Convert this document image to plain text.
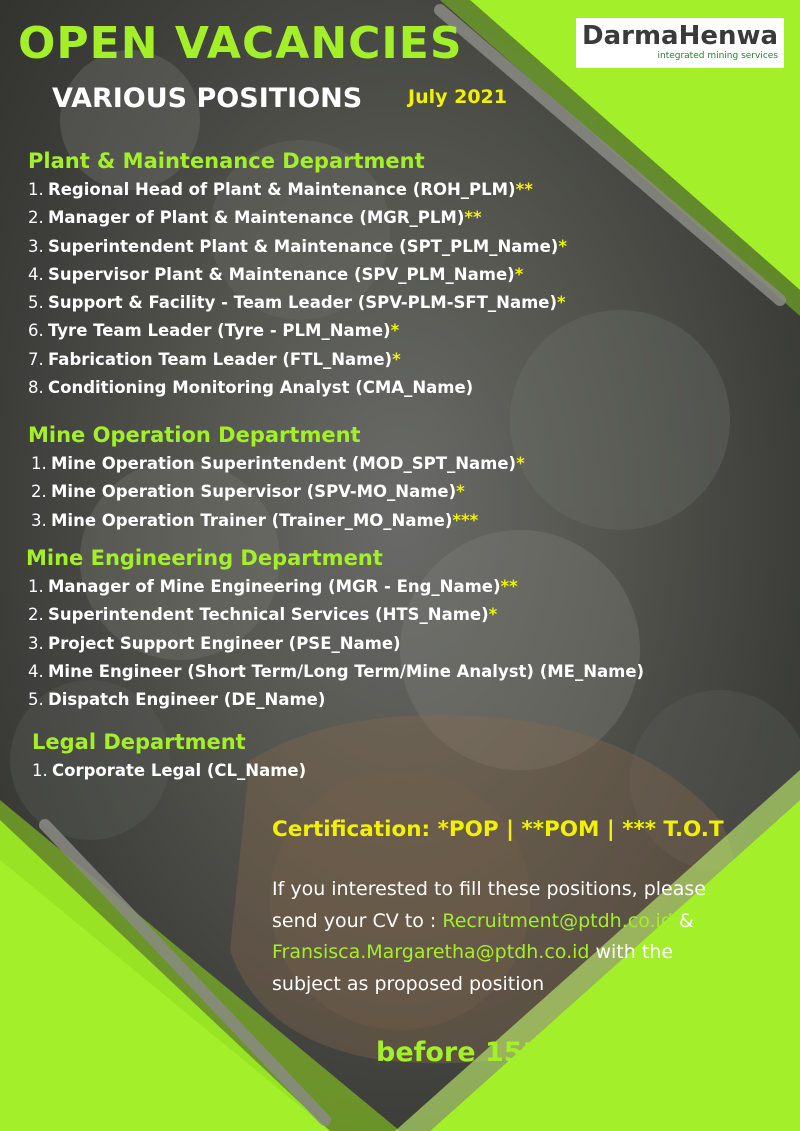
OPEN VACANCIES
VARIOUS POSITIONS July 2021
DarmaHenwa
integrated mining services
Plant & Maintenance Department
1. Regional Head of Plant & Maintenance (ROH_PLM)**
2. Manager of Plant & Maintenance (MGR_PLM)**
3. Superintendent Plant & Maintenance (SPT_PLM_Name)*
4. Supervisor Plant & Maintenance (SPV_PLM_Name)*
5. Support & Facility - Team Leader (SPV-PLM-SFT_Name)*
6. Tyre Team Leader (Tyre - PLM_Name)*
7. Fabrication Team Leader (FTL_Name)*
8. Conditioning Monitoring Analyst (CMA_Name)
Mine Operation Department
1. Mine Operation Superintendent (MOD_SPT_Name)*
2. Mine Operation Supervisor (SPV-MO_Name)*
3. Mine Operation Trainer (Trainer_MO_Name)***
Mine Engineering Department
1. Manager of Mine Engineering (MGR - Eng_Name)**
2. Superintendent Technical Services (HTS_Name)*
3. Project Support Engineer (PSE_Name)
4. Mine Engineer (Short Term/Long Term/Mine Analyst) (ME_Name)
5. Dispatch Engineer (DE_Name)
Legal Department
1. Corporate Legal (CL_Name)
Certification: *POP | **POM | *** T.O.T

If you interested to fill these positions, please
send your CV to : Recruitment@ptdh.co.id &
Fransisca.Margaretha@ptdh.co.id with the
subject as proposed position

before 15th July 2021
